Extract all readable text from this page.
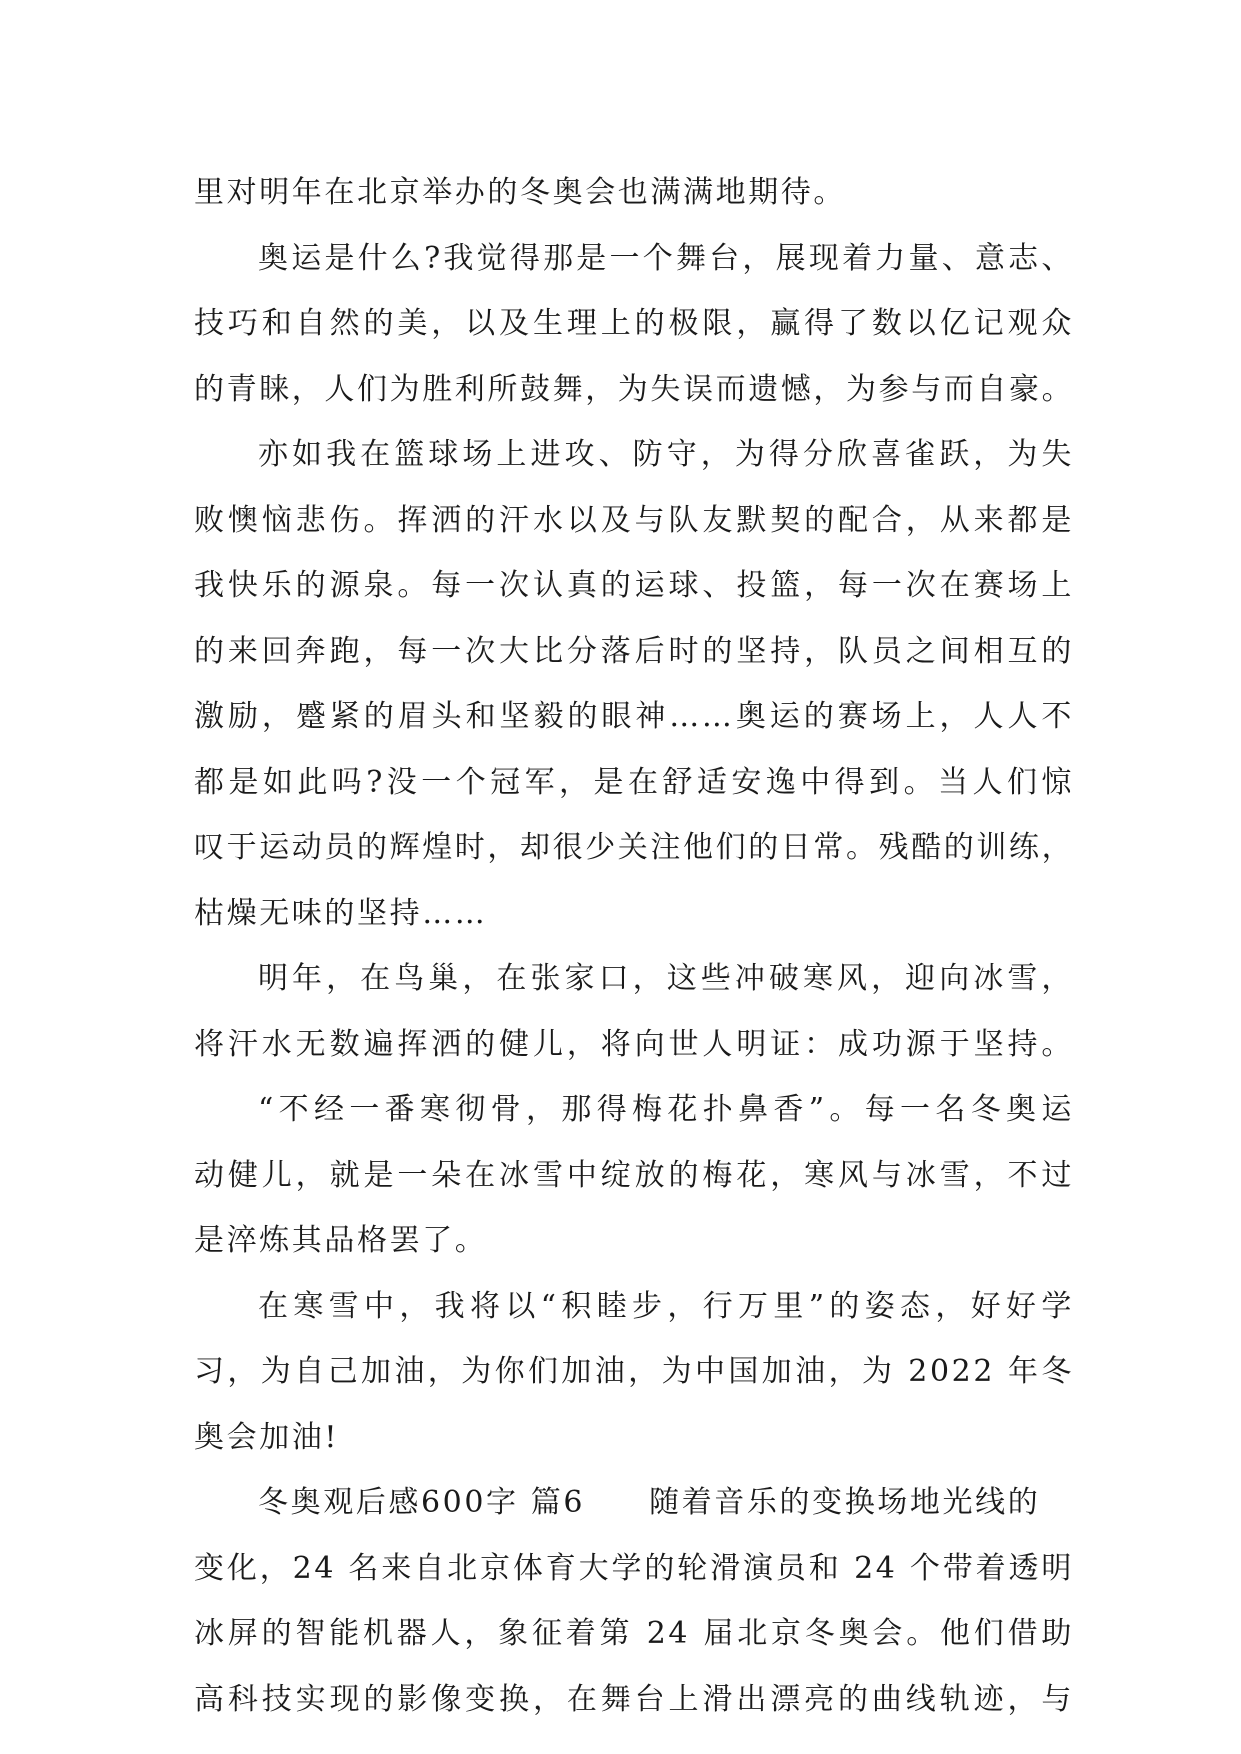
里对明年在北京举办的冬奥会也满满地期待。
奥运是什么?我觉得那是一个舞台，展现着力量、意志、
技巧和自然的美，以及生理上的极限，赢得了数以亿记观众
的青睐，人们为胜利所鼓舞，为失误而遗憾，为参与而自豪。
亦如我在篮球场上进攻、防守，为得分欣喜雀跃，为失
败懊恼悲伤。挥洒的汗水以及与队友默契的配合，从来都是
我快乐的源泉。每一次认真的运球、投篮，每一次在赛场上
的来回奔跑，每一次大比分落后时的坚持，队员之间相互的
激励，蹙紧的眉头和坚毅的眼神……奥运的赛场上，人人不
都是如此吗?没一个冠军，是在舒适安逸中得到。当人们惊
叹于运动员的辉煌时，却很少关注他们的日常。残酷的训练，
枯燥无味的坚持……
明年，在鸟巢，在张家口，这些冲破寒风，迎向冰雪，
将汗水无数遍挥洒的健儿，将向世人明证：成功源于坚持。
“不经一番寒彻骨，那得梅花扑鼻香”。每一名冬奥运
动健儿，就是一朵在冰雪中绽放的梅花，寒风与冰雪，不过
是淬炼其品格罢了。
在寒雪中，我将以“积睦步，行万里”的姿态，好好学
习，为自己加油，为你们加油，为中国加油，为 2022 年冬
奥会加油!
冬奥观后感600字 篇6 随着音乐的变换场地光线的
变化，24 名来自北京体育大学的轮滑演员和 24 个带着透明
冰屏的智能机器人，象征着第 24 届北京冬奥会。他们借助
高科技实现的影像变换，在舞台上滑出漂亮的曲线轨迹，与
